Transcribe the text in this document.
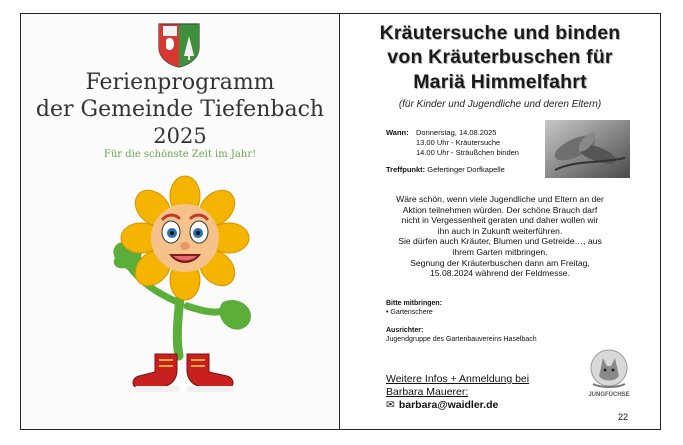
Ferienprogramm
der Gemeinde Tiefenbach
2025
Für die schönste Zeit im Jahr!
Kräutersuche und binden
von Kräuterbuschen für
Mariä Himmelfahrt
(für Kinder und Jugendliche und deren Eltern)
Wann: Donnerstag, 14.08.2025
13.00 Uhr - Kräutersuche
14.00 Uhr - Sträußchen binden
Treffpunkt: Gefertinger Dorfkapelle
Wäre schön, wenn viele Jugendliche und Eltern an der
Aktion teilnehmen würden. Der schöne Brauch darf
nicht in Vergessenheit geraten und daher wollen wir
ihn auch in Zukunft weiterführen.
Sie dürfen auch Kräuter, Blumen und Getreide…, aus
ihrem Garten mitbringen.
Segnung der Kräuterbuschen dann am Freitag,
15.08.2024 während der Feldmesse.
Bitte mitbringen:
• Gartenschere
Ausrichter:
Jugendgruppe des Gartenbauvereins Haselbach
Weitere Infos + Anmeldung bei
Barbara Mauerer:
✉ barbara@waidler.de
JUNGFÜCHSE
22
